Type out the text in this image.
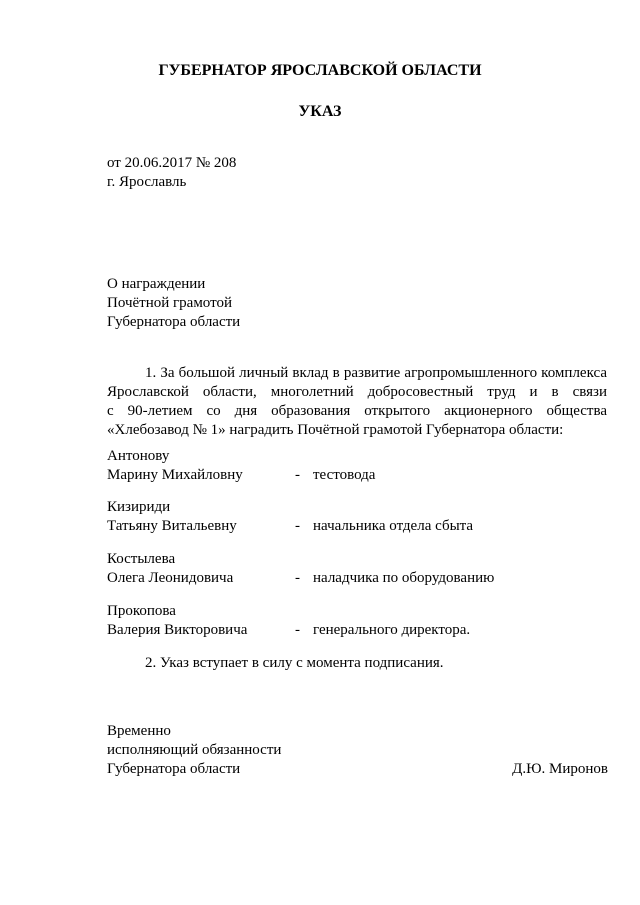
ГУБЕРНАТОР ЯРОСЛАВСКОЙ ОБЛАСТИ
УКАЗ
от 20.06.2017 № 208
г. Ярославль
О награждении
Почётной грамотой
Губернатора области
1. За большой личный вклад в развитие агропромышленного комплекса
Ярославской области, многолетний добросовестный труд и в связи
с 90-летием со дня образования открытого акционерного общества
«Хлебозавод № 1» наградить Почётной грамотой Губернатора области:
Антонову
Марину Михайловну	- тестовода
Кизириди
Татьяну Витальевну	- начальника отдела сбыта
Костылева
Олега Леонидовича	- наладчика по оборудованию
Прокопова
Валерия Викторовича	- генерального директора.
2. Указ вступает в силу с момента подписания.
Временно
исполняющий обязанности
Губернатора области	Д.Ю. Миронов
